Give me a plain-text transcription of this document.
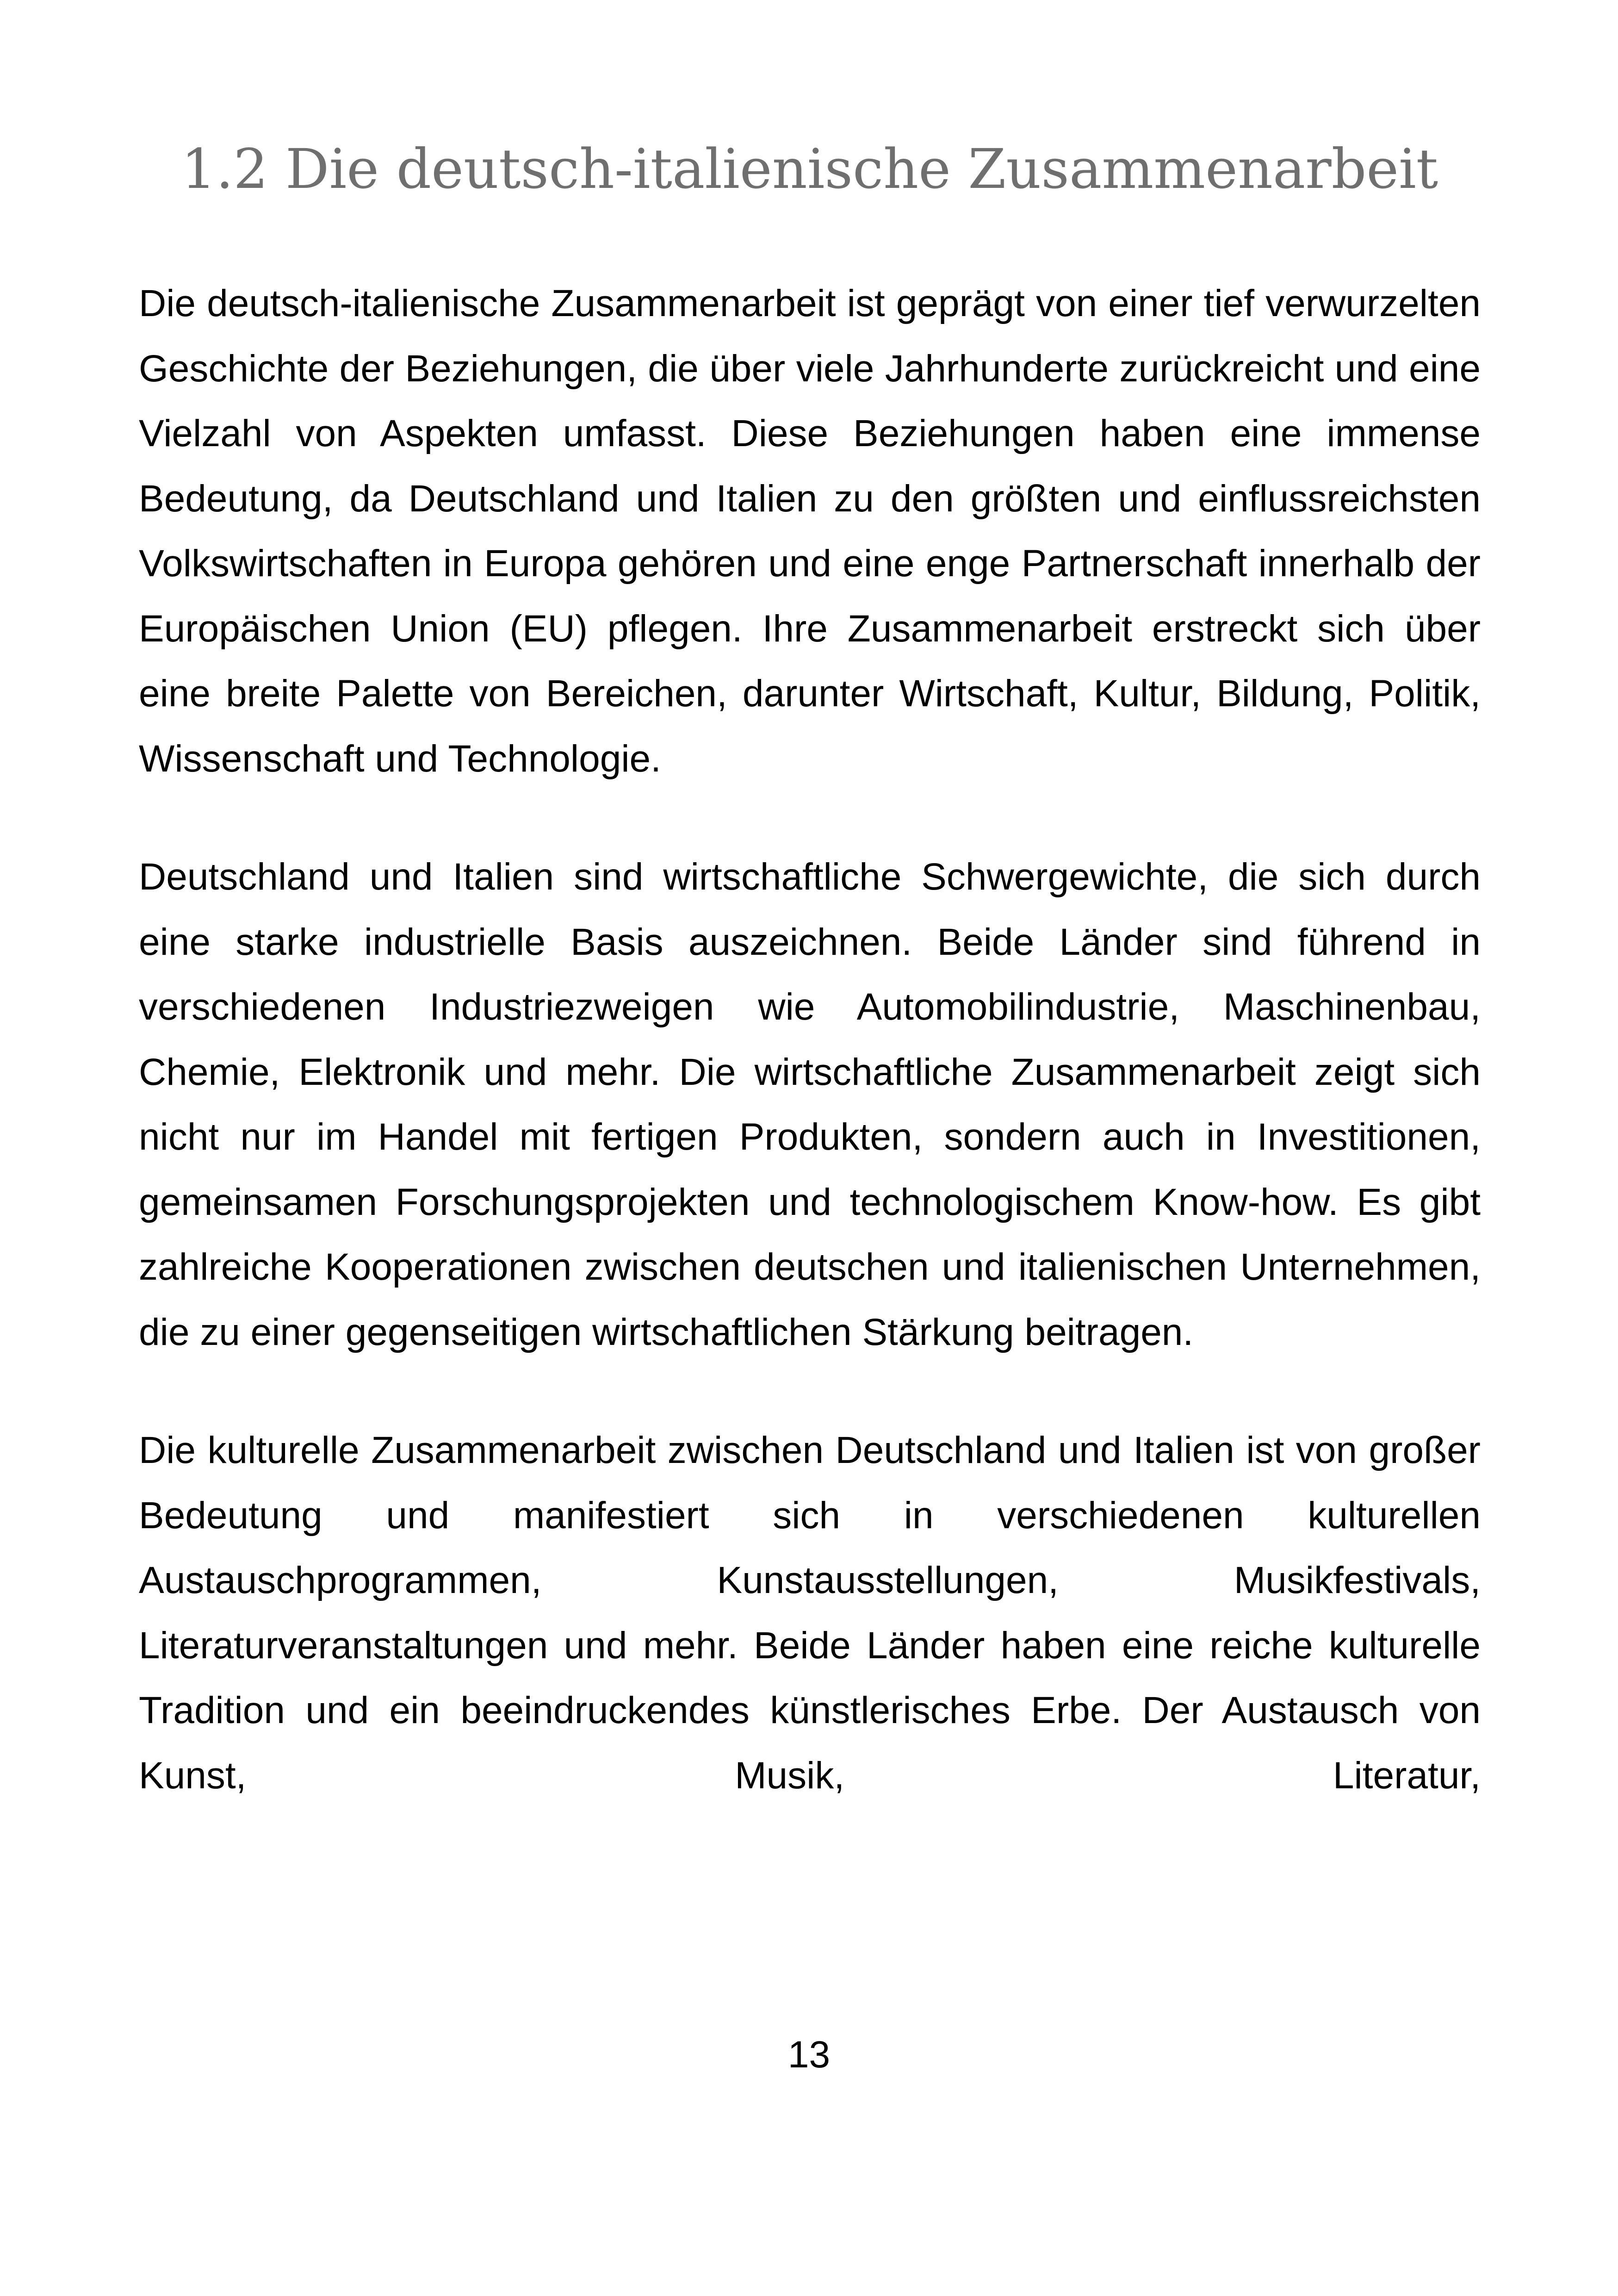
1.2 Die deutsch-italienische Zusammenarbeit

Die deutsch-italienische Zusammenarbeit ist geprägt von einer tief verwurzelten Geschichte der Beziehungen, die über viele Jahrhunderte zurückreicht und eine Vielzahl von Aspekten umfasst. Diese Beziehungen haben eine immense Bedeutung, da Deutschland und Italien zu den größten und einflussreichsten Volkswirtschaften in Europa gehören und eine enge Partnerschaft innerhalb der Europäischen Union (EU) pflegen. Ihre Zusammenarbeit erstreckt sich über eine breite Palette von Bereichen, darunter Wirtschaft, Kultur, Bildung, Politik, Wissenschaft und Technologie.

Deutschland und Italien sind wirtschaftliche Schwergewichte, die sich durch eine starke industrielle Basis auszeichnen. Beide Länder sind führend in verschiedenen Industriezweigen wie Automobilindustrie, Maschinenbau, Chemie, Elektronik und mehr. Die wirtschaftliche Zusammenarbeit zeigt sich nicht nur im Handel mit fertigen Produkten, sondern auch in Investitionen, gemeinsamen Forschungsprojekten und technologischem Know-how. Es gibt zahlreiche Kooperationen zwischen deutschen und italienischen Unternehmen, die zu einer gegenseitigen wirtschaftlichen Stärkung beitragen.

Die kulturelle Zusammenarbeit zwischen Deutschland und Italien ist von großer Bedeutung und manifestiert sich in verschiedenen kulturellen Austauschprogrammen, Kunstausstellungen, Musikfestivals, Literaturveranstaltungen und mehr. Beide Länder haben eine reiche kulturelle Tradition und ein beeindruckendes künstlerisches Erbe. Der Austausch von Kunst, Musik, Literatur,

13
